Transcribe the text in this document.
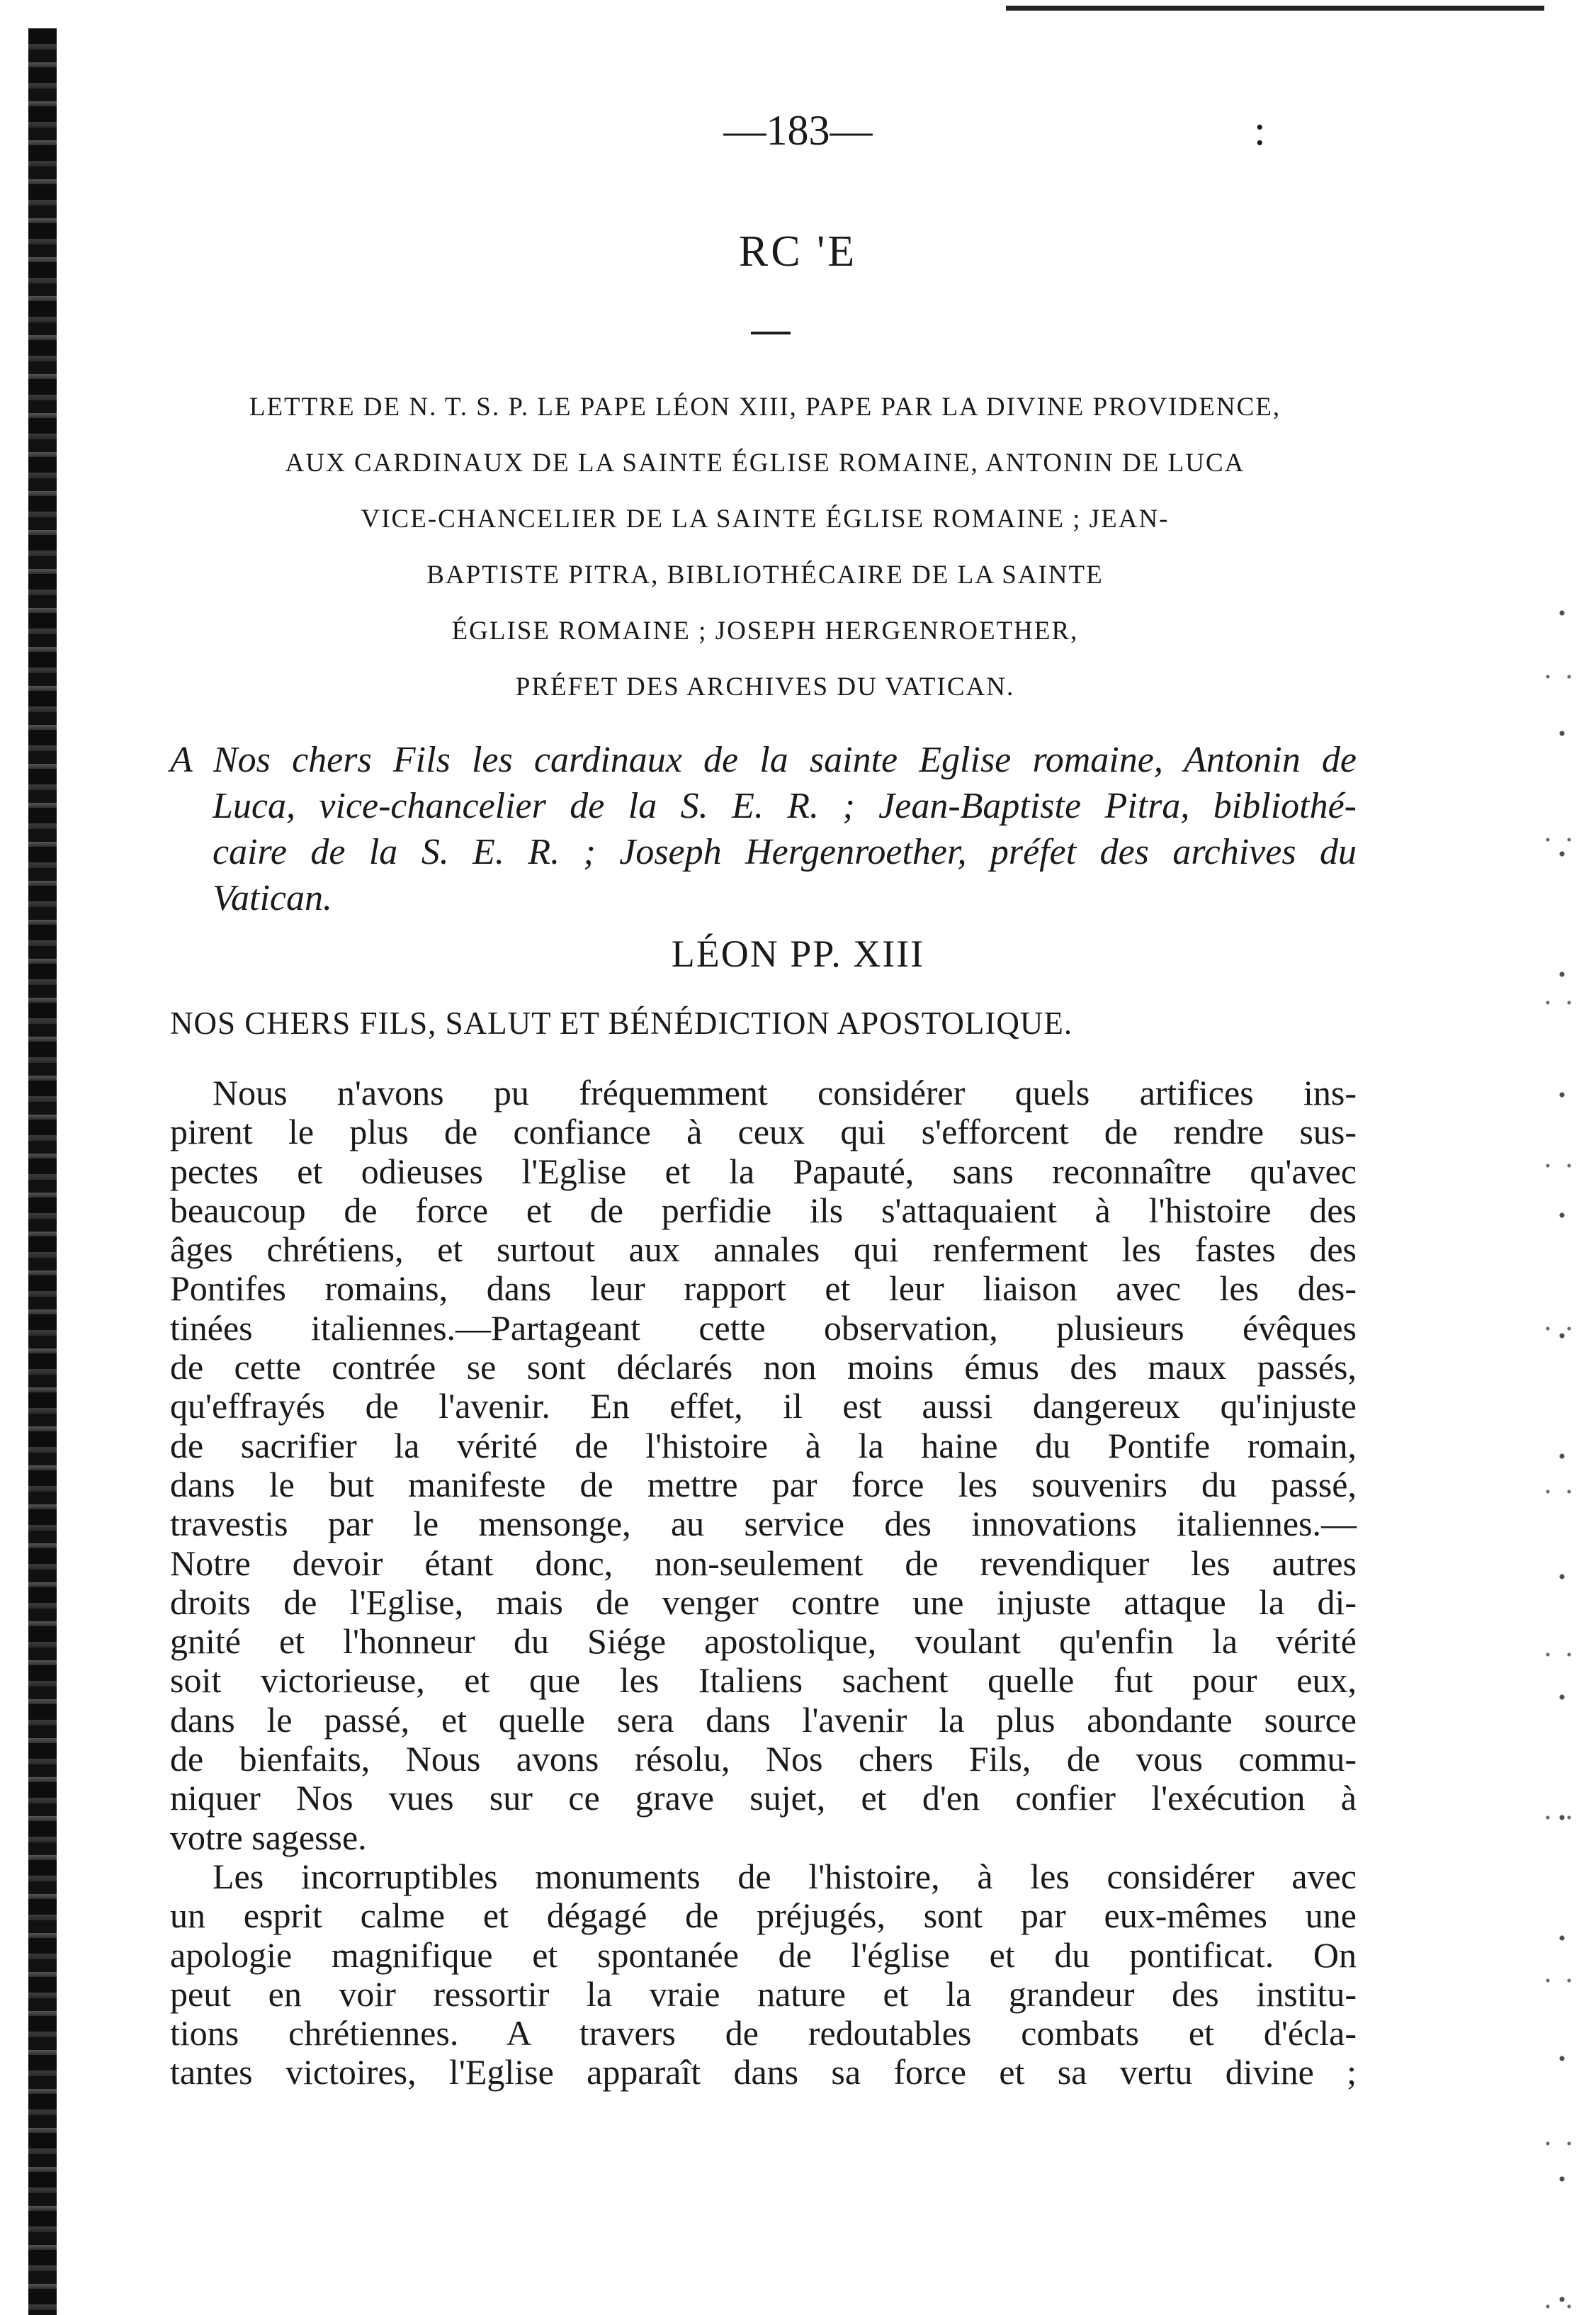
—183—	:
RC 'E
LETTRE DE N. T. S. P. LE PAPE LÉON XIII, PAPE PAR LA DIVINE PROVIDENCE,
AUX CARDINAUX DE LA SAINTE ÉGLISE ROMAINE, ANTONIN DE LUCA
VICE-CHANCELIER DE LA SAINTE ÉGLISE ROMAINE ; JEAN-
BAPTISTE PITRA, BIBLIOTHÉCAIRE DE LA SAINTE
ÉGLISE ROMAINE ; JOSEPH HERGENROETHER,
PRÉFET DES ARCHIVES DU VATICAN.
A Nos chers Fils les cardinaux de la sainte Eglise romaine, Antonin de
Luca, vice-chancelier de la S. E. R. ; Jean-Baptiste Pitra, bibliothé-
caire de la S. E. R. ; Joseph Hergenroether, préfet des archives du
Vatican.
LÉON PP. XIII
NOS CHERS FILS, SALUT ET BÉNÉDICTION APOSTOLIQUE.
Nous n'avons pu fréquemment considérer quels artifices ins-
pirent le plus de confiance à ceux qui s'efforcent de rendre sus-
pectes et odieuses l'Eglise et la Papauté, sans reconnaître qu'avec
beaucoup de force et de perfidie ils s'attaquaient à l'histoire des
âges chrétiens, et surtout aux annales qui renferment les fastes des
Pontifes romains, dans leur rapport et leur liaison avec les des-
tinées italiennes.—Partageant cette observation, plusieurs évêques
de cette contrée se sont déclarés non moins émus des maux passés,
qu'effrayés de l'avenir. En effet, il est aussi dangereux qu'injuste
de sacrifier la vérité de l'histoire à la haine du Pontife romain,
dans le but manifeste de mettre par force les souvenirs du passé,
travestis par le mensonge, au service des innovations italiennes.—
Notre devoir étant donc, non-seulement de revendiquer les autres
droits de l'Eglise, mais de venger contre une injuste attaque la di-
gnité et l'honneur du Siége apostolique, voulant qu'enfin la vérité
soit victorieuse, et que les Italiens sachent quelle fut pour eux,
dans le passé, et quelle sera dans l'avenir la plus abondante source
de bienfaits, Nous avons résolu, Nos chers Fils, de vous commu-
niquer Nos vues sur ce grave sujet, et d'en confier l'exécution à
votre sagesse.
Les incorruptibles monuments de l'histoire, à les considérer avec
un esprit calme et dégagé de préjugés, sont par eux-mêmes une
apologie magnifique et spontanée de l'église et du pontificat. On
peut en voir ressortir la vraie nature et la grandeur des institu-
tions chrétiennes. A travers de redoutables combats et d'écla-
tantes victoires, l'Eglise apparaît dans sa force et sa vertu divine ;
